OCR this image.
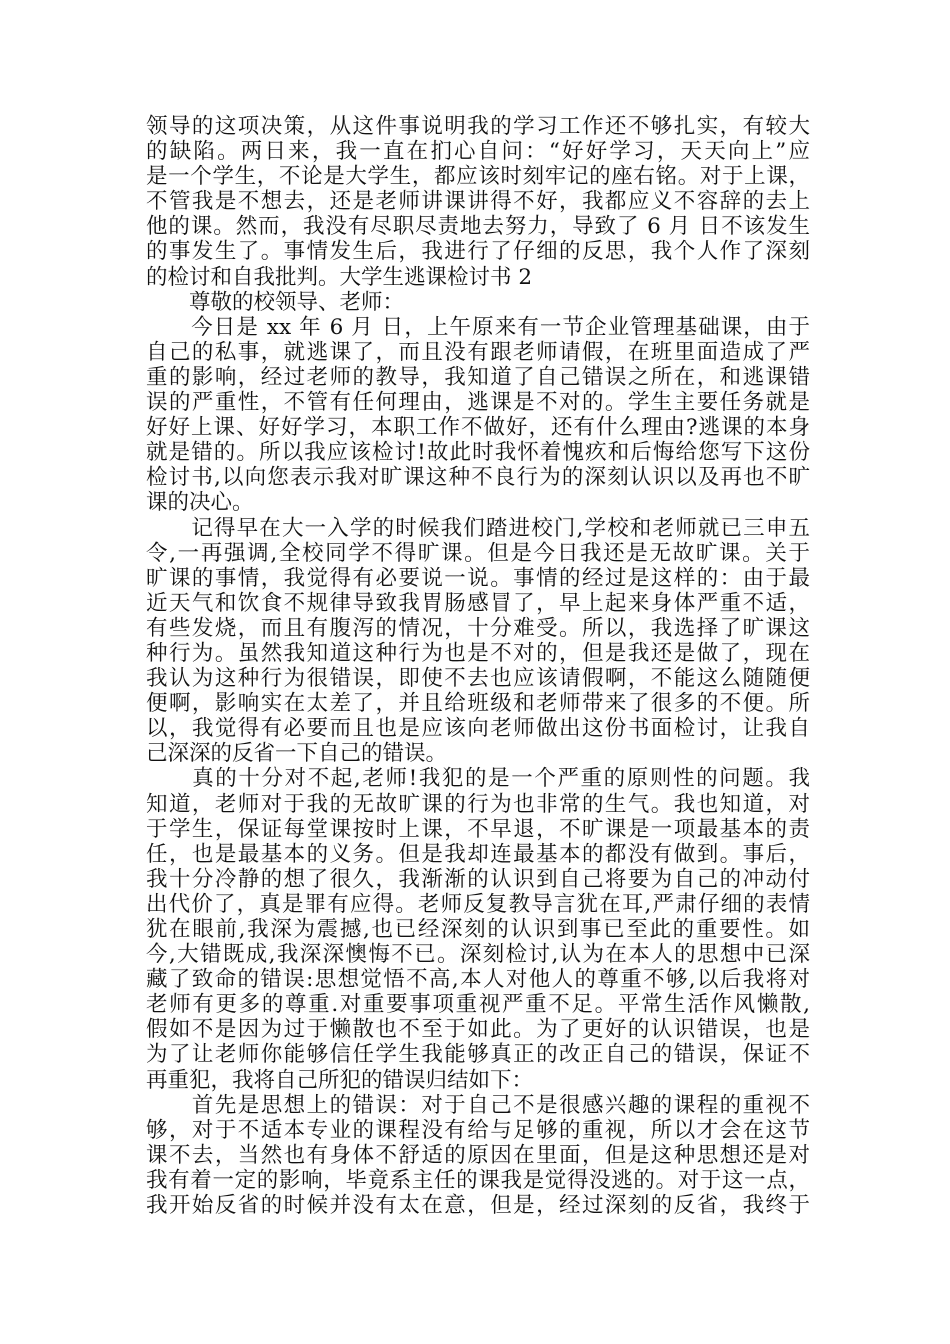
领导的这项决策，从这件事说明我的学习工作还不够扎实，有较大
的缺陷。两日来，我一直在扪心自问：“好好学习，天天向上”应
是一个学生，不论是大学生，都应该时刻牢记的座右铭。对于上课，
不管我是不想去，还是老师讲课讲得不好，我都应义不容辞的去上
他的课。然而，我没有尽职尽责地去努力，导致了 6 月 日不该发生
的事发生了。事情发生后，我进行了仔细的反思，我个人作了深刻
的检讨和自我批判。大学生逃课检讨书 2
　　尊敬的校领导、老师：
　　今日是 xx 年 6 月 日，上午原来有一节企业管理基础课，由于
自己的私事，就逃课了，而且没有跟老师请假，在班里面造成了严
重的影响，经过老师的教导，我知道了自己错误之所在，和逃课错
误的严重性，不管有任何理由，逃课是不对的。学生主要任务就是
好好上课、好好学习，本职工作不做好，还有什么理由?逃课的本身
就是错的。所以我应该检讨!故此时我怀着愧疚和后悔给您写下这份
检讨书,以向您表示我对旷课这种不良行为的深刻认识以及再也不旷
课的决心。
　　记得早在大一入学的时候我们踏进校门,学校和老师就已三申五
令,一再强调,全校同学不得旷课。但是今日我还是无故旷课。关于
旷课的事情，我觉得有必要说一说。事情的经过是这样的：由于最
近天气和饮食不规律导致我胃肠感冒了，早上起来身体严重不适，
有些发烧，而且有腹泻的情况，十分难受。所以，我选择了旷课这
种行为。虽然我知道这种行为也是不对的，但是我还是做了，现在
我认为这种行为很错误，即使不去也应该请假啊，不能这么随随便
便啊，影响实在太差了，并且给班级和老师带来了很多的不便。所
以，我觉得有必要而且也是应该向老师做出这份书面检讨，让我自
己深深的反省一下自己的错误。
　　真的十分对不起,老师!我犯的是一个严重的原则性的问题。我
知道，老师对于我的无故旷课的行为也非常的生气。我也知道，对
于学生，保证每堂课按时上课，不早退，不旷课是一项最基本的责
任，也是最基本的义务。但是我却连最基本的都没有做到。事后，
我十分冷静的想了很久，我渐渐的认识到自己将要为自己的冲动付
出代价了，真是罪有应得。老师反复教导言犹在耳,严肃仔细的表情
犹在眼前,我深为震撼,也已经深刻的认识到事已至此的重要性。如
今,大错既成,我深深懊悔不已。深刻检讨,认为在本人的思想中已深
藏了致命的错误:思想觉悟不高,本人对他人的尊重不够,以后我将对
老师有更多的尊重.对重要事项重视严重不足。平常生活作风懒散,
假如不是因为过于懒散也不至于如此。为了更好的认识错误，也是
为了让老师你能够信任学生我能够真正的改正自己的错误，保证不
再重犯，我将自己所犯的错误归结如下：
　　首先是思想上的错误：对于自己不是很感兴趣的课程的重视不
够，对于不适本专业的课程没有给与足够的重视，所以才会在这节
课不去，当然也有身体不舒适的原因在里面，但是这种思想还是对
我有着一定的影响，毕竟系主任的课我是觉得没逃的。对于这一点，
我开始反省的时候并没有太在意，但是，经过深刻的反省，我终于
